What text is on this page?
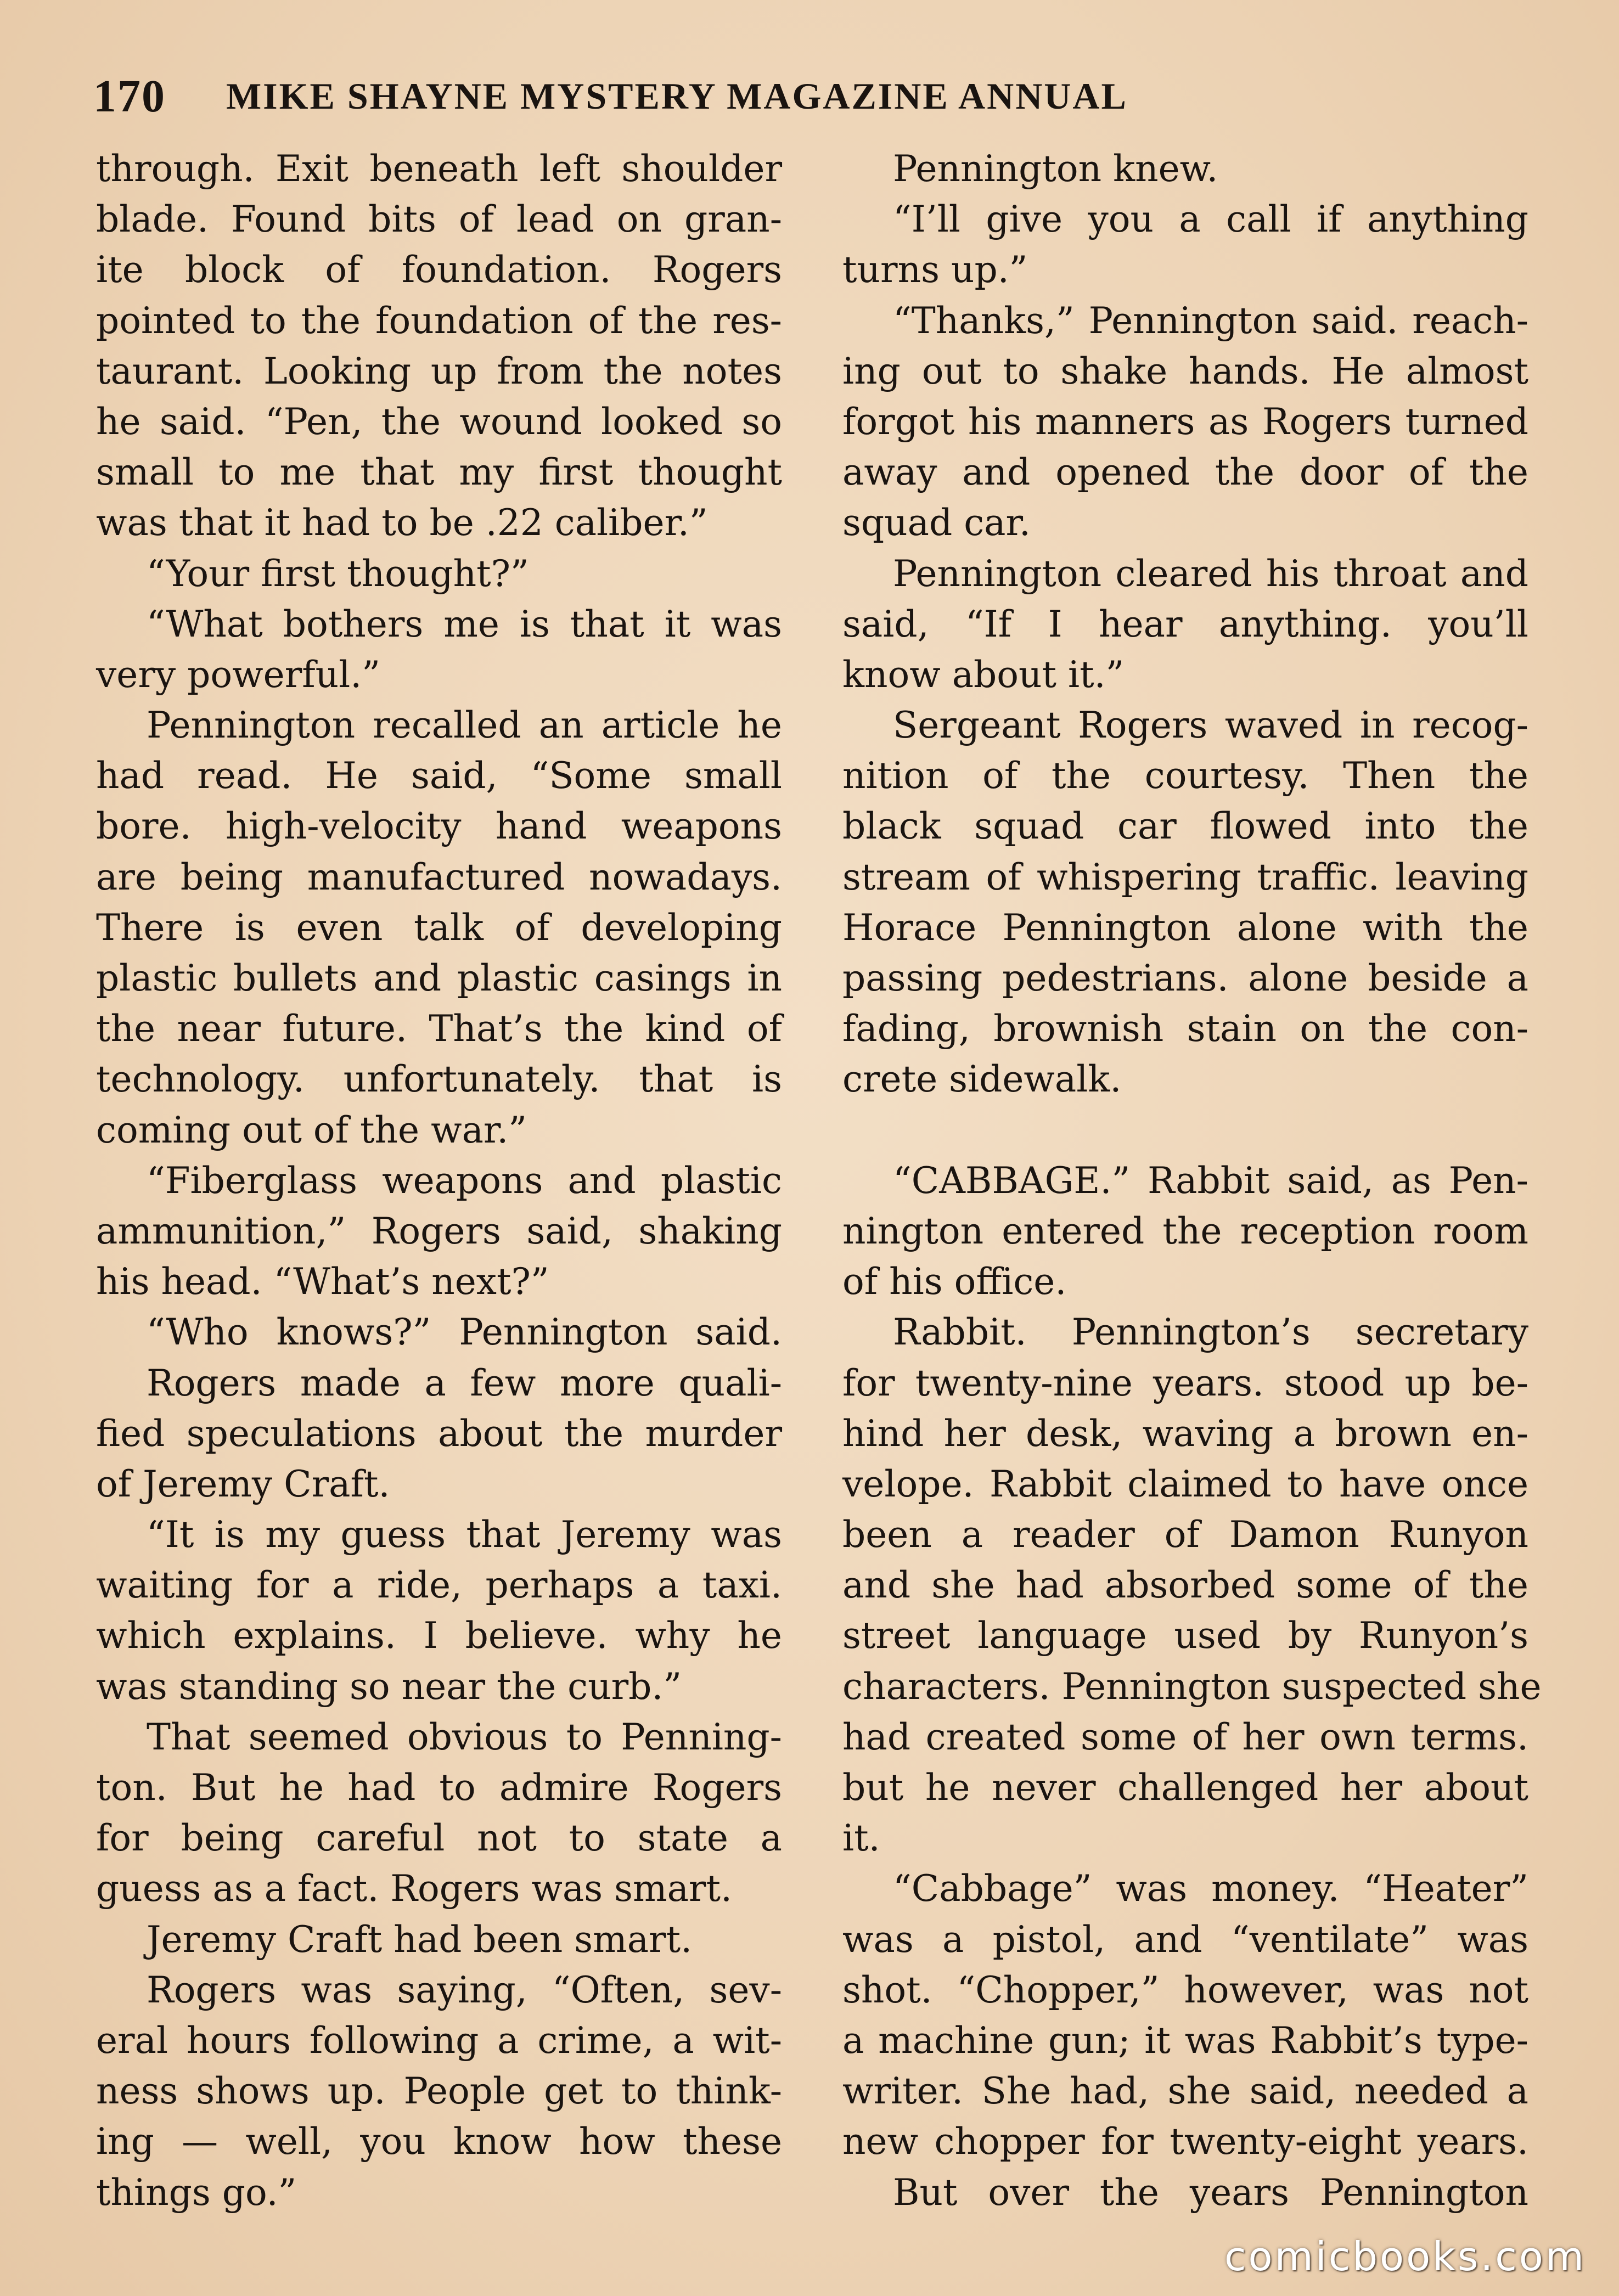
170 MIKE SHAYNE MYSTERY MAGAZINE ANNUAL
through. Exit beneath left shoulder
blade. Found bits of lead on gran-
ite block of foundation. Rogers
pointed to the foundation of the res-
taurant. Looking up from the notes
he said. “Pen, the wound looked so
small to me that my first thought
was that it had to be .22 caliber.”
“Your first thought?”
“What bothers me is that it was
very powerful.”
Pennington recalled an article he
had read. He said, “Some small
bore. high-velocity hand weapons
are being manufactured nowadays.
There is even talk of developing
plastic bullets and plastic casings in
the near future. That’s the kind of
technology. unfortunately. that is
coming out of the war.”
“Fiberglass weapons and plastic
ammunition,” Rogers said, shaking
his head. “What’s next?”
“Who knows?” Pennington said.
Rogers made a few more quali-
fied speculations about the murder
of Jeremy Craft.
“It is my guess that Jeremy was
waiting for a ride, perhaps a taxi.
which explains. I believe. why he
was standing so near the curb.”
That seemed obvious to Penning-
ton. But he had to admire Rogers
for being careful not to state a
guess as a fact. Rogers was smart.
Jeremy Craft had been smart.
Rogers was saying, “Often, sev-
eral hours following a crime, a wit-
ness shows up. People get to think-
ing — well, you know how these
things go.”
Pennington knew.
“I’ll give you a call if anything
turns up.”
“Thanks,” Pennington said. reach-
ing out to shake hands. He almost
forgot his manners as Rogers turned
away and opened the door of the
squad car.
Pennington cleared his throat and
said, “If I hear anything. you’ll
know about it.”
Sergeant Rogers waved in recog-
nition of the courtesy. Then the
black squad car flowed into the
stream of whispering traffic. leaving
Horace Pennington alone with the
passing pedestrians. alone beside a
fading, brownish stain on the con-
crete sidewalk.
“CABBAGE.” Rabbit said, as Pen-
nington entered the reception room
of his office.
Rabbit. Pennington’s secretary
for twenty-nine years. stood up be-
hind her desk, waving a brown en-
velope. Rabbit claimed to have once
been a reader of Damon Runyon
and she had absorbed some of the
street language used by Runyon’s
characters. Pennington suspected she
had created some of her own terms.
but he never challenged her about
it.
“Cabbage” was money. “Heater”
was a pistol, and “ventilate” was
shot. “Chopper,” however, was not
a machine gun; it was Rabbit’s type-
writer. She had, she said, needed a
new chopper for twenty-eight years.
But over the years Pennington
comicbooks.com
